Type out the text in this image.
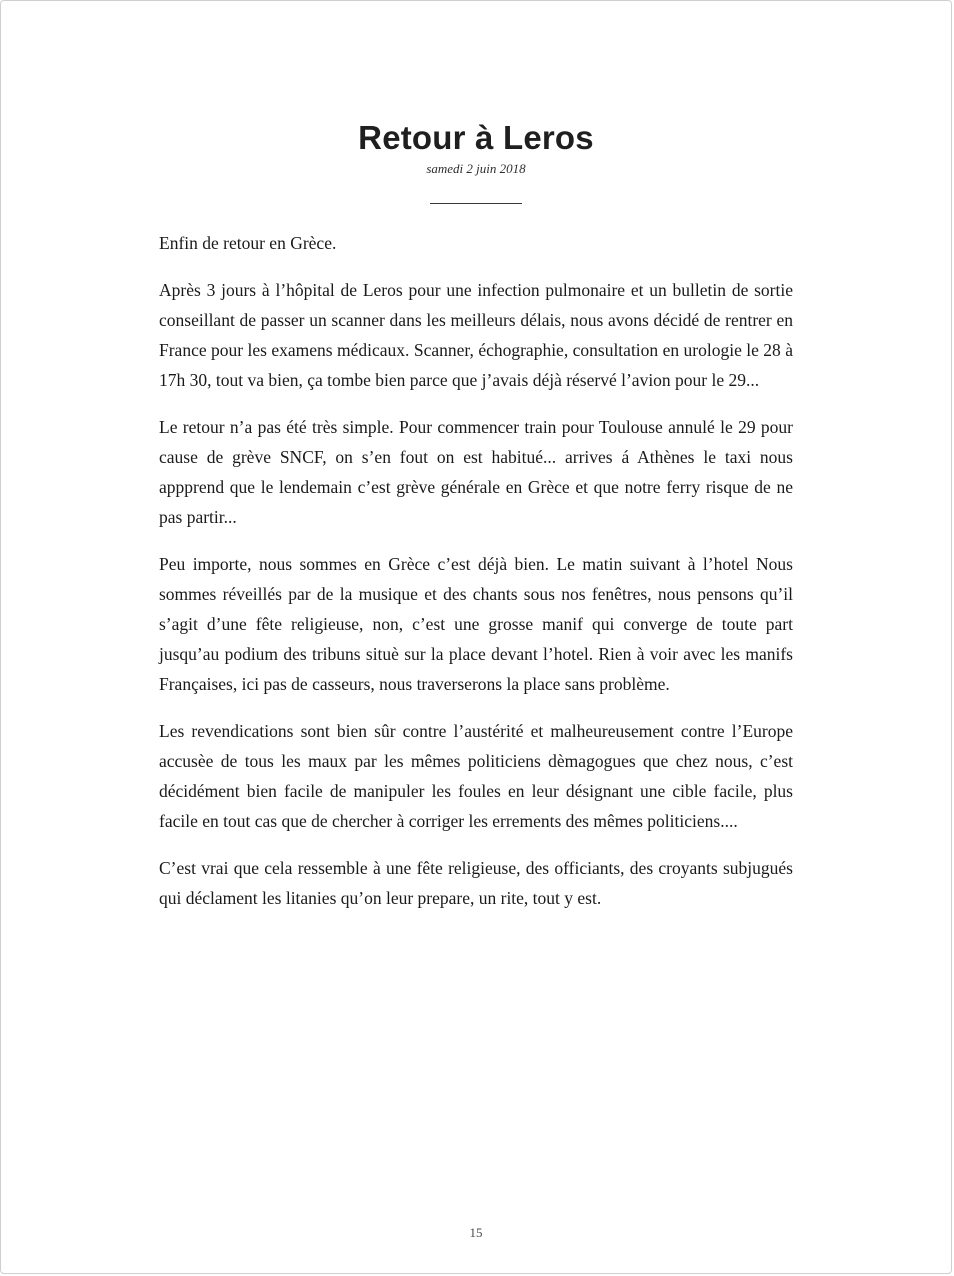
Retour à Leros
samedi 2 juin 2018

Enfin de retour en Grèce.

Après 3 jours à l’hôpital de Leros pour une infection pulmonaire et un bulletin de sortie conseillant de passer un scanner dans les meilleurs délais, nous avons décidé de rentrer en France pour les examens médicaux. Scanner, échographie, consultation en urologie le 28 à 17h 30, tout va bien, ça tombe bien parce que j’avais déjà réservé l’avion pour le 29...

Le retour n’a pas été très simple. Pour commencer train pour Toulouse annulé le 29 pour cause de grève SNCF, on s’en fout on est habitué... arrives á Athènes le taxi nous appprend que le lendemain c’est grève générale en Grèce et que notre ferry risque de ne pas partir...

Peu importe, nous sommes en Grèce c’est déjà bien. Le matin suivant à l’hotel Nous sommes réveillés par de la musique et des chants sous nos fenêtres, nous pensons qu’il s’agit d’une fête religieuse, non, c’est une grosse manif qui converge de toute part jusqu’au podium des tribuns situè sur la place devant l’hotel. Rien à voir avec les manifs Françaises, ici pas de casseurs, nous traverserons la place sans problème.

Les revendications sont bien sûr contre l’austérité et malheureusement contre l’Europe accusèe de tous les maux par les mêmes politiciens dèmagogues que chez nous, c’est décidément bien facile de manipuler les foules en leur désignant une cible facile, plus facile en tout cas que de chercher à corriger les errements des mêmes politiciens....

C’est vrai que cela ressemble à une fête religieuse, des officiants, des croyants subjugués qui déclament les litanies qu’on leur prepare, un rite, tout y est.

15
